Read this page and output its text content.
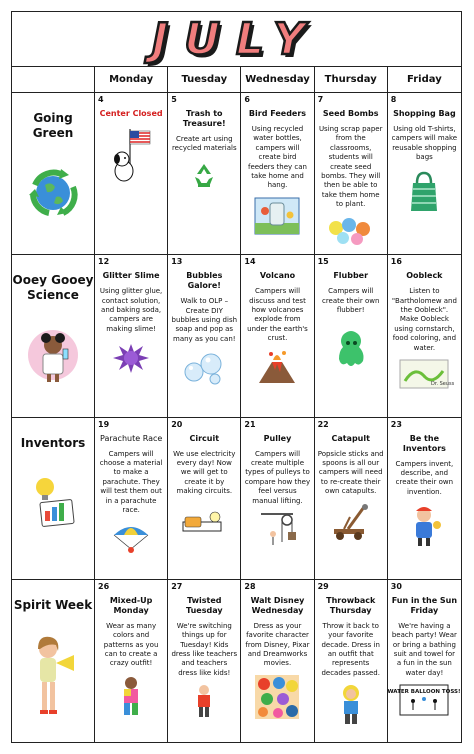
JULY
Monday	Tuesday	Wednesday	Thursday	Friday
Going Green
4
Center Closed
5
Trash to Treasure!
Create art using recycled materials
6
Bird Feeders
Using recycled water bottles, campers will create bird feeders they can take home and hang.
7
Seed Bombs
Using scrap paper from the classrooms, students will create seed bombs. They will then be able to take them home to plant.
8
Shopping Bag
Using old T-shirts, campers will make reusable shopping bags
Ooey Gooey Science
12
Glitter Slime
Using glitter glue, contact solution, and baking soda, campers are making slime!
13
Bubbles Galore!
Walk to OLP – Create DIY bubbles using dish soap and pop as many as you can!
14
Volcano
Campers will discuss and test how volcanoes explode from under the earth's crust.
15
Flubber
Campers will create their own flubber!
16
Oobleck
Listen to "Bartholomew and the Oobleck". Make Oobleck using cornstarch, food coloring, and water.
Dr. Seuss
Inventors
19
Parachute Race
Campers will choose a material to make a parachute. They will test them out in a parachute race.
20
Circuit
We use electricity every day! Now we will get to create it by making circuits.
21
Pulley
Campers will create multiple types of pulleys to compare how they feel versus manual lifting.
22
Catapult
Popsicle sticks and spoons is all our campers will need to re-create their own catapults.
23
Be the Inventors
Campers invent, describe, and create their own invention.
Spirit Week
26
Mixed-Up Monday
Wear as many colors and patterns as you can to create a crazy outfit!
27
Twisted Tuesday
We're switching things up for Tuesday! Kids dress like teachers and teachers dress like kids!
28
Walt Disney Wednesday
Dress as your favorite character from Disney, Pixar and Dreamworks movies.
29
Throwback Thursday
Throw it back to your favorite decade. Dress in an outfit that represents decades passed.
30
Fun in the Sun Friday
We're having a beach party! Wear or bring a bathing suit and towel for a fun in the sun water day!
WATER BALLOON TOSS!
